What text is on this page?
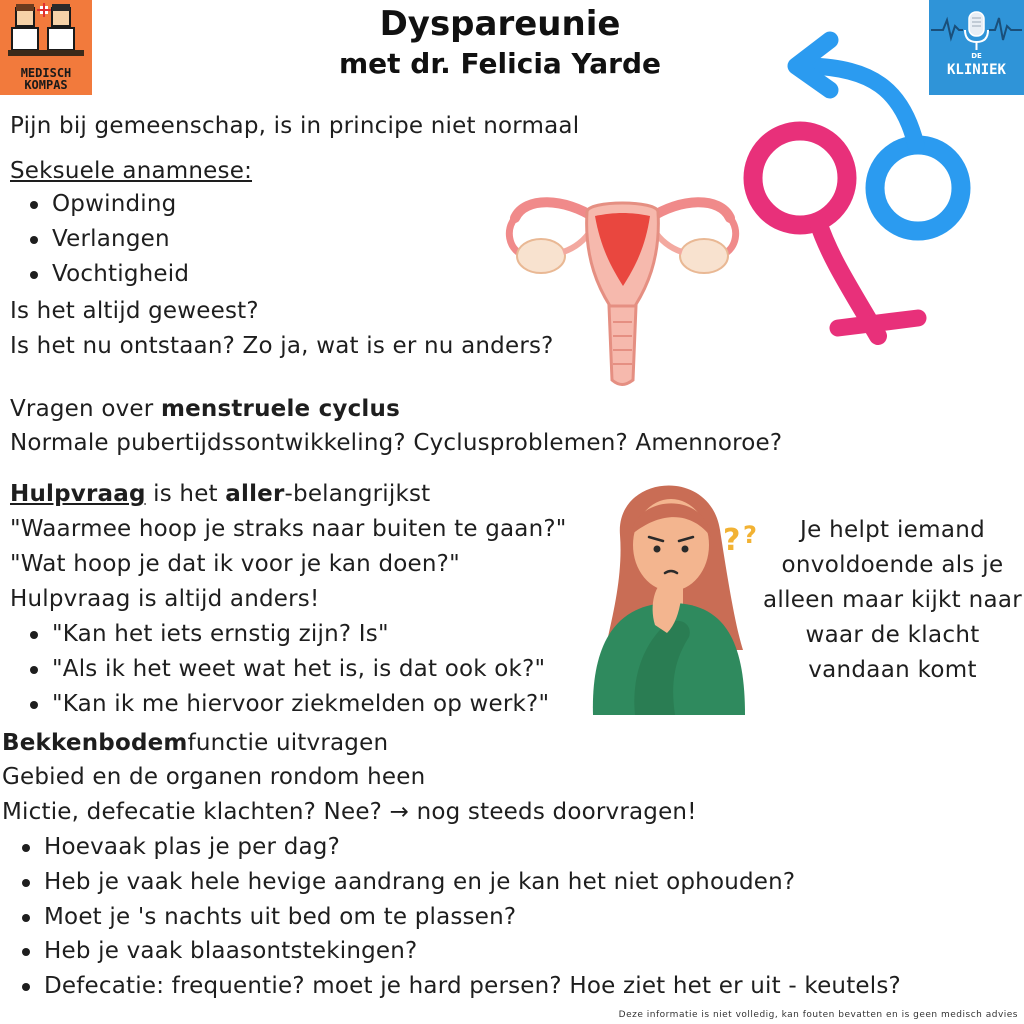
Dyspareunie
met dr. Felicia Yarde
MEDISCH KOMPAS
DE
KLINIEK
? ?
Pijn bij gemeenschap, is in principe niet normaal
Seksuele anamnese:
Opwinding
Verlangen
Vochtigheid
Is het altijd geweest?
Is het nu ontstaan? Zo ja, wat is er nu anders?
Vragen over menstruele cyclus
Normale pubertijdssontwikkeling? Cyclusproblemen? Amennoroe?
Hulpvraag is het aller-belangrijkst
"Waarmee hoop je straks naar buiten te gaan?"
"Wat hoop je dat ik voor je kan doen?"
Hulpvraag is altijd anders!
"Kan het iets ernstig zijn? Is"
"Als ik het weet wat het is, is dat ook ok?"
"Kan ik me hiervoor ziekmelden op werk?"
Je helpt iemand onvoldoende als je alleen maar kijkt naar waar de klacht vandaan komt
Bekkenbodemfunctie uitvragen
Gebied en de organen rondom heen
Mictie, defecatie klachten? Nee? → nog steeds doorvragen!
Hoevaak plas je per dag?
Heb je vaak hele hevige aandrang en je kan het niet ophouden?
Moet je 's nachts uit bed om te plassen?
Heb je vaak blaasontstekingen?
Defecatie: frequentie? moet je hard persen? Hoe ziet het er uit - keutels?
Deze informatie is niet volledig, kan fouten bevatten en is geen medisch advies
